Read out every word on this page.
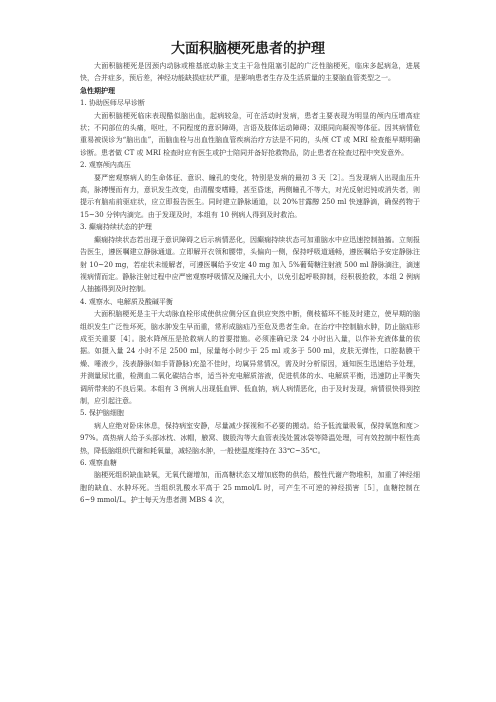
大面积脑梗死患者的护理

大面积脑梗死是因颈内动脉或椎基底动脉主支主干急性阻塞引起的广泛性脑梗死，临床多起病急，进展快，合并症多，预后差，神经功能缺损症状严重，是影响患者生存及生活质量的主要脑血管类型之一。

急性期护理

1. 协助医师尽早诊断

大面积脑梗死临床表现酷似脑出血，起病较急，可在活动时发病，患者主要表现为明显的颅内压增高症状；不同部位的头痛，呕吐，不同程度的意识障碍，言语及肢体运动障碍；双眼同向凝视等体征。因其病情危重易被误诊为“脑出血”，而脑血栓与出血性脑血管疾病治疗方法是不同的，头颅 CT 或 MRI 检查能早期明确诊断。患者做 CT 或 MRI 检查时应有医生或护士陪同并备好抢救物品，防止患者在检查过程中突发意外。

2. 观察颅内高压

要严密观察病人的生命体征、意识、瞳孔的变化，特别是发病的最初 3 天［2］。当发现病人出现血压升高，脉搏慢而有力，意识发生改变，由清醒变嗜睡，甚至昏迷，两侧瞳孔不等大，对光反射迟钝或消失者，则提示有脑疝前驱症状，应立即报告医生。同时建立静脉通道，以 20%甘露醇 250 ml 快速静滴，确保药物于 15~30 分钟内滴完。由于发现及时，本组有 10 例病人得到及时救治。

3. 癫痫持续状态的护理

癫痫持续状态若出现于意识障碍之后示病情恶化，因癫痫持续状态可加重脑水中应迅速控制抽搐。立刻报告医生，遵医嘱建立静脉通道。立即解开衣领和腰带，头偏向一侧，保持呼吸道通畅，遵医嘱给予安定静脉注射 10~20 mg，若症状未缓解者，可遵医嘱给予安定 40 mg 加入 5%葡萄糖注射液 500 ml 静脉滴注，滴速视病情而定。静脉注射过程中应严密观察呼吸情况及瞳孔大小，以免引起呼吸抑制，经积极抢救，本组 2 例病人抽搐得到及时控制。

4. 观察水、电解质及酸碱平衡

大面积脑梗死是主干大动脉血栓形成使供应侧分区血供应突然中断，侧枝循环不能及时建立，使早期的脑组织发生广泛性坏死，脑水肿发生早而重，常形成脑疝乃至危及患者生命。在治疗中控制脑水肿，防止脑疝形成至关重要［4］。脱水降颅压是抢救病人的首要措施。必须准确记录 24 小时出入量，以作补充液体量的依据。如摄入量 24 小时不足 2500 ml，尿量每小时少于 25 ml 或多于 500 ml，皮肤无弹性，口腔黏膜干燥、唾液少，浅表静脉(如手背静脉)充盈不佳时，均属异常情况，需及时分析原因，通知医生迅速给予处理，并测量尿比重，检测血二氧化碳结合率，适当补充电解质溶液，促进机体的水、电解质平衡，迅速防止平衡失调所带来的不良后果。本组有 3 例病人出现低血钾、低血钠，病人病情恶化，由于及时发现，病情很快得到控制，应引起注意。

5. 保护脑细胞

病人应绝对卧床休息，保持病室安静，尽量减少探视和不必要的搬动。给予低流量吸氧，保持氧饱和度＞97%。高热病人给予头部冰枕、冰帽，腋窝、腹股沟等大血管表浅处置冰袋等降温处理，可有效控制中枢性高热，降低脑组织代谢和耗氧量，减轻脑水肿，一般使温度维持在 33℃~35℃。

6. 观察血糖

脑梗死组织缺血缺氧，无氧代谢增加，而高糖状态又增加底物的供给，酸性代谢产物堆积，加重了神经细胞的缺血、水肿坏死。当组织乳酸水平高于 25 mmol/L 时，可产生不可逆的神经损害［5］，血糖控制在 6~9 mmol/L。护士每天为患者测 MBS 4 次，
